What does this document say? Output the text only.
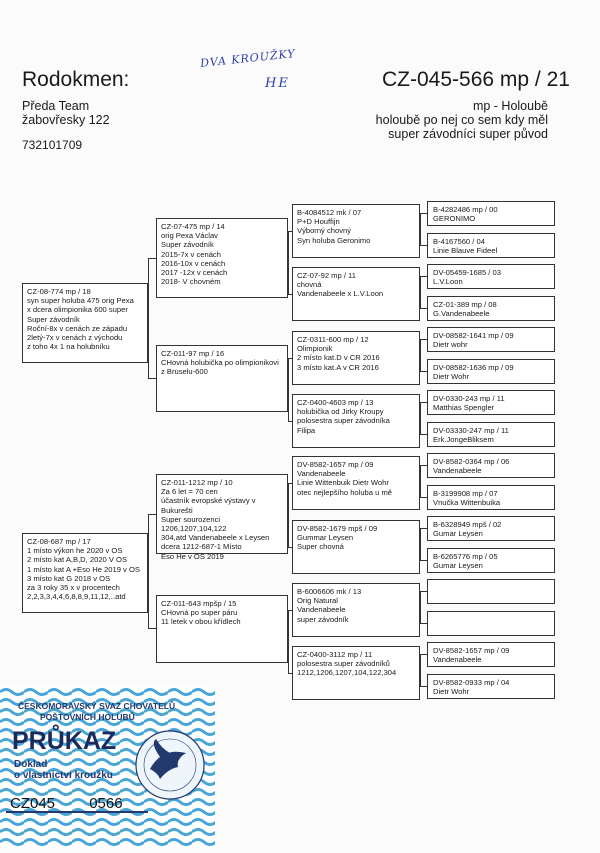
Rodokmen:
DVA KROUŽKY
HE	CZ-045-566 mp / 21
Předa Team
žabovřesky 122
732101709
mp - Holoubě
holoubě po nej co sem kdy měl
super závodníci super původ
CZ-08-774 mp / 18
syn super holuba 475 orig Pexa
x dcera olimpionika 600 super
Super závodník
Roční-8x v cenách ze západu
2letý-7x v cenách z východu
z toho 4x 1 na holubníku
CZ-08-687 mp / 17
1 místo výkon he 2020 v OS
2 místo kat A,B,D, 2020 V OS
1 místo kat A +Eso He 2019 v OS
3 místo kat G 2018 v OS
za 3 roky 35 x v procentech
2,2,3,3,4,4,6,8,8,9,11,12,..atd
CZ-07-475 mp / 14
orig Pexa Václav
Super závodník
2015-7x v cenách
2016-10x v cenách
2017 -12x v cenách
2018- V chovném
CZ-011-97 mp / 16
CHovná holubička po olimpionikovi
z Bruselu-600
CZ-011-1212 mp / 10
Za 6 let = 70 cen
účastník evropské výstavy v Bukurešti
Super sourozenci 1206,1207,104,122
304,atd Vandenabeele x Leysen
dcera 1212-687-1 Místo
Eso He v OS 2019
CZ-011-643 mpšp / 15
CHovná po super páru
11 letek v obou křídlech
B-4084512 mk / 07
P+D Houffijn
Výborný chovný
Syn holuba Geronimo
CZ-07-92 mp / 11
chovná
Vandenabeele x L.V.Loon
CZ-0311-600 mp / 12
Olimpionik
2 místo kat.D v CR 2016
3 místo kat.A v CR 2016
CZ-0400-4603 mp / 13
holubička od Jirky Kroupy
polosestra super závodníka
Filipa
DV-8582-1657 mp / 09
Vandenabeele
Linie Wittenbuik Dietr Wohr
otec nejlepšího holuba u mě
DV-8582-1679 mpš / 09
Gummar Leysen
Super chovná
B-6006606 mk / 13
Orig Natural
Vandenabeele
super závodník
CZ-0400-3112 mp / 11
polosestra super závodníků
1212,1206,1207,104,122,304
B-4282486 mp / 00
GERONIMO
B-4167560 / 04
Linie Blauve Fideel
DV-05459-1685 / 03
L.V.Loon
CZ-01-389 mp / 08
G.Vandenabeele
DV-08582-1641 mp / 09
Dietr wohr
DV-08582-1636 mp / 09
Dietr Wohr
DV-0330-243 mp / 11
Matthias Spengler
DV-03330-247 mp / 11
Erk.JongeBliksem
DV-8582-0364 mp / 06
Vandenabeele
B-3199908 mp / 07
Vnučka Wittenbuika
B-6328949 mpš / 02
Gumar Leysen
B-6265776 mp / 05
Gumar Leysen
DV-8582-1657 mp / 09
Vandenabeele
DV-8582-0933 mp / 04
Dietr Wohr
ČESKOMORAVSKÝ SVAZ CHOVATELŮ
POŠTOVNÍCH HOLUBŮ
PRŮKAZ
Doklad
o vlastnictví kroužku
CZ045 0566
